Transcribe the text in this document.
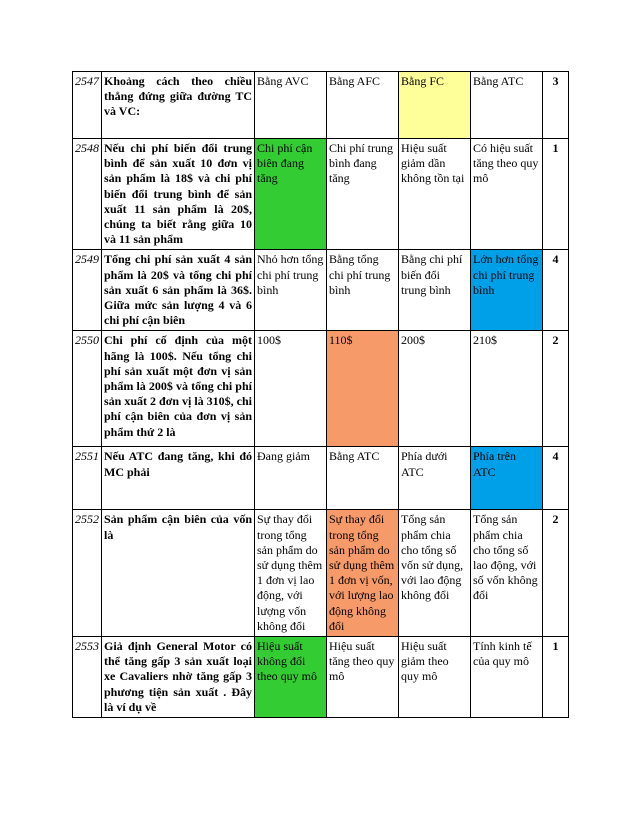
2547	Khoảng cách theo chiều thẳng đứng giữa đường TC và VC:	Bằng AVC	Bằng AFC	Bằng FC	Bằng ATC	3
2548	Nếu chi phí biến đổi trung bình để sản xuất 10 đơn vị sản phẩm là 18$ và chi phí biến đổi trung bình để sản xuất 11 sản phẩm là 20$, chúng ta biết rằng giữa 10 và 11 sản phẩm	Chi phí cận biên đang tăng	Chi phí trung bình đang tăng	Hiệu suất giảm dần không tồn tại	Có hiệu suất tăng theo quy mô	1
2549	Tổng chi phí sản xuất 4 sản phẩm là 20$ và tổng chi phí sản xuất 6 sản phẩm là 36$. Giữa mức sản lượng 4 và 6 chi phí cận biên	Nhỏ hơn tổng chi phí trung bình	Bằng tổng chi phí trung bình	Bằng chi phí biến đổi trung bình	Lớn hơn tổng chi phí trung bình	4
2550	Chi phí cố định của một hãng là 100$. Nếu tổng chi phí sản xuất một đơn vị sản phẩm là 200$ và tổng chi phí sản xuất 2 đơn vị là 310$, chi phí cận biên của đơn vị sản phẩm thứ 2 là	100$	110$	200$	210$	2
2551	Nếu ATC đang tăng, khi đó MC phải	Đang giảm	Bằng ATC	Phía dưới ATC	Phía trên ATC	4
2552	Sản phẩm cận biên của vốn là	Sự thay đổi trong tổng sản phẩm do sử dụng thêm 1 đơn vị lao động, với lượng vốn không đổi	Sự thay đổi trong tổng sản phẩm do sử dụng thêm 1 đơn vị vốn, với lượng lao động không đổi	Tổng sản phẩm chia cho tổng số vốn sử dụng, với lao động không đổi	Tổng sản phẩm chia cho tổng số lao động, với số vốn không đổi	2
2553	Giả định General Motor có thể tăng gấp 3 sản xuất loại xe Cavaliers nhờ tăng gấp 3 phương tiện sản xuất . Đây là ví dụ về	Hiệu suất không đổi theo quy mô	Hiệu suất tăng theo quy mô	Hiệu suất giảm theo quy mô	Tính kinh tế của quy mô	1
